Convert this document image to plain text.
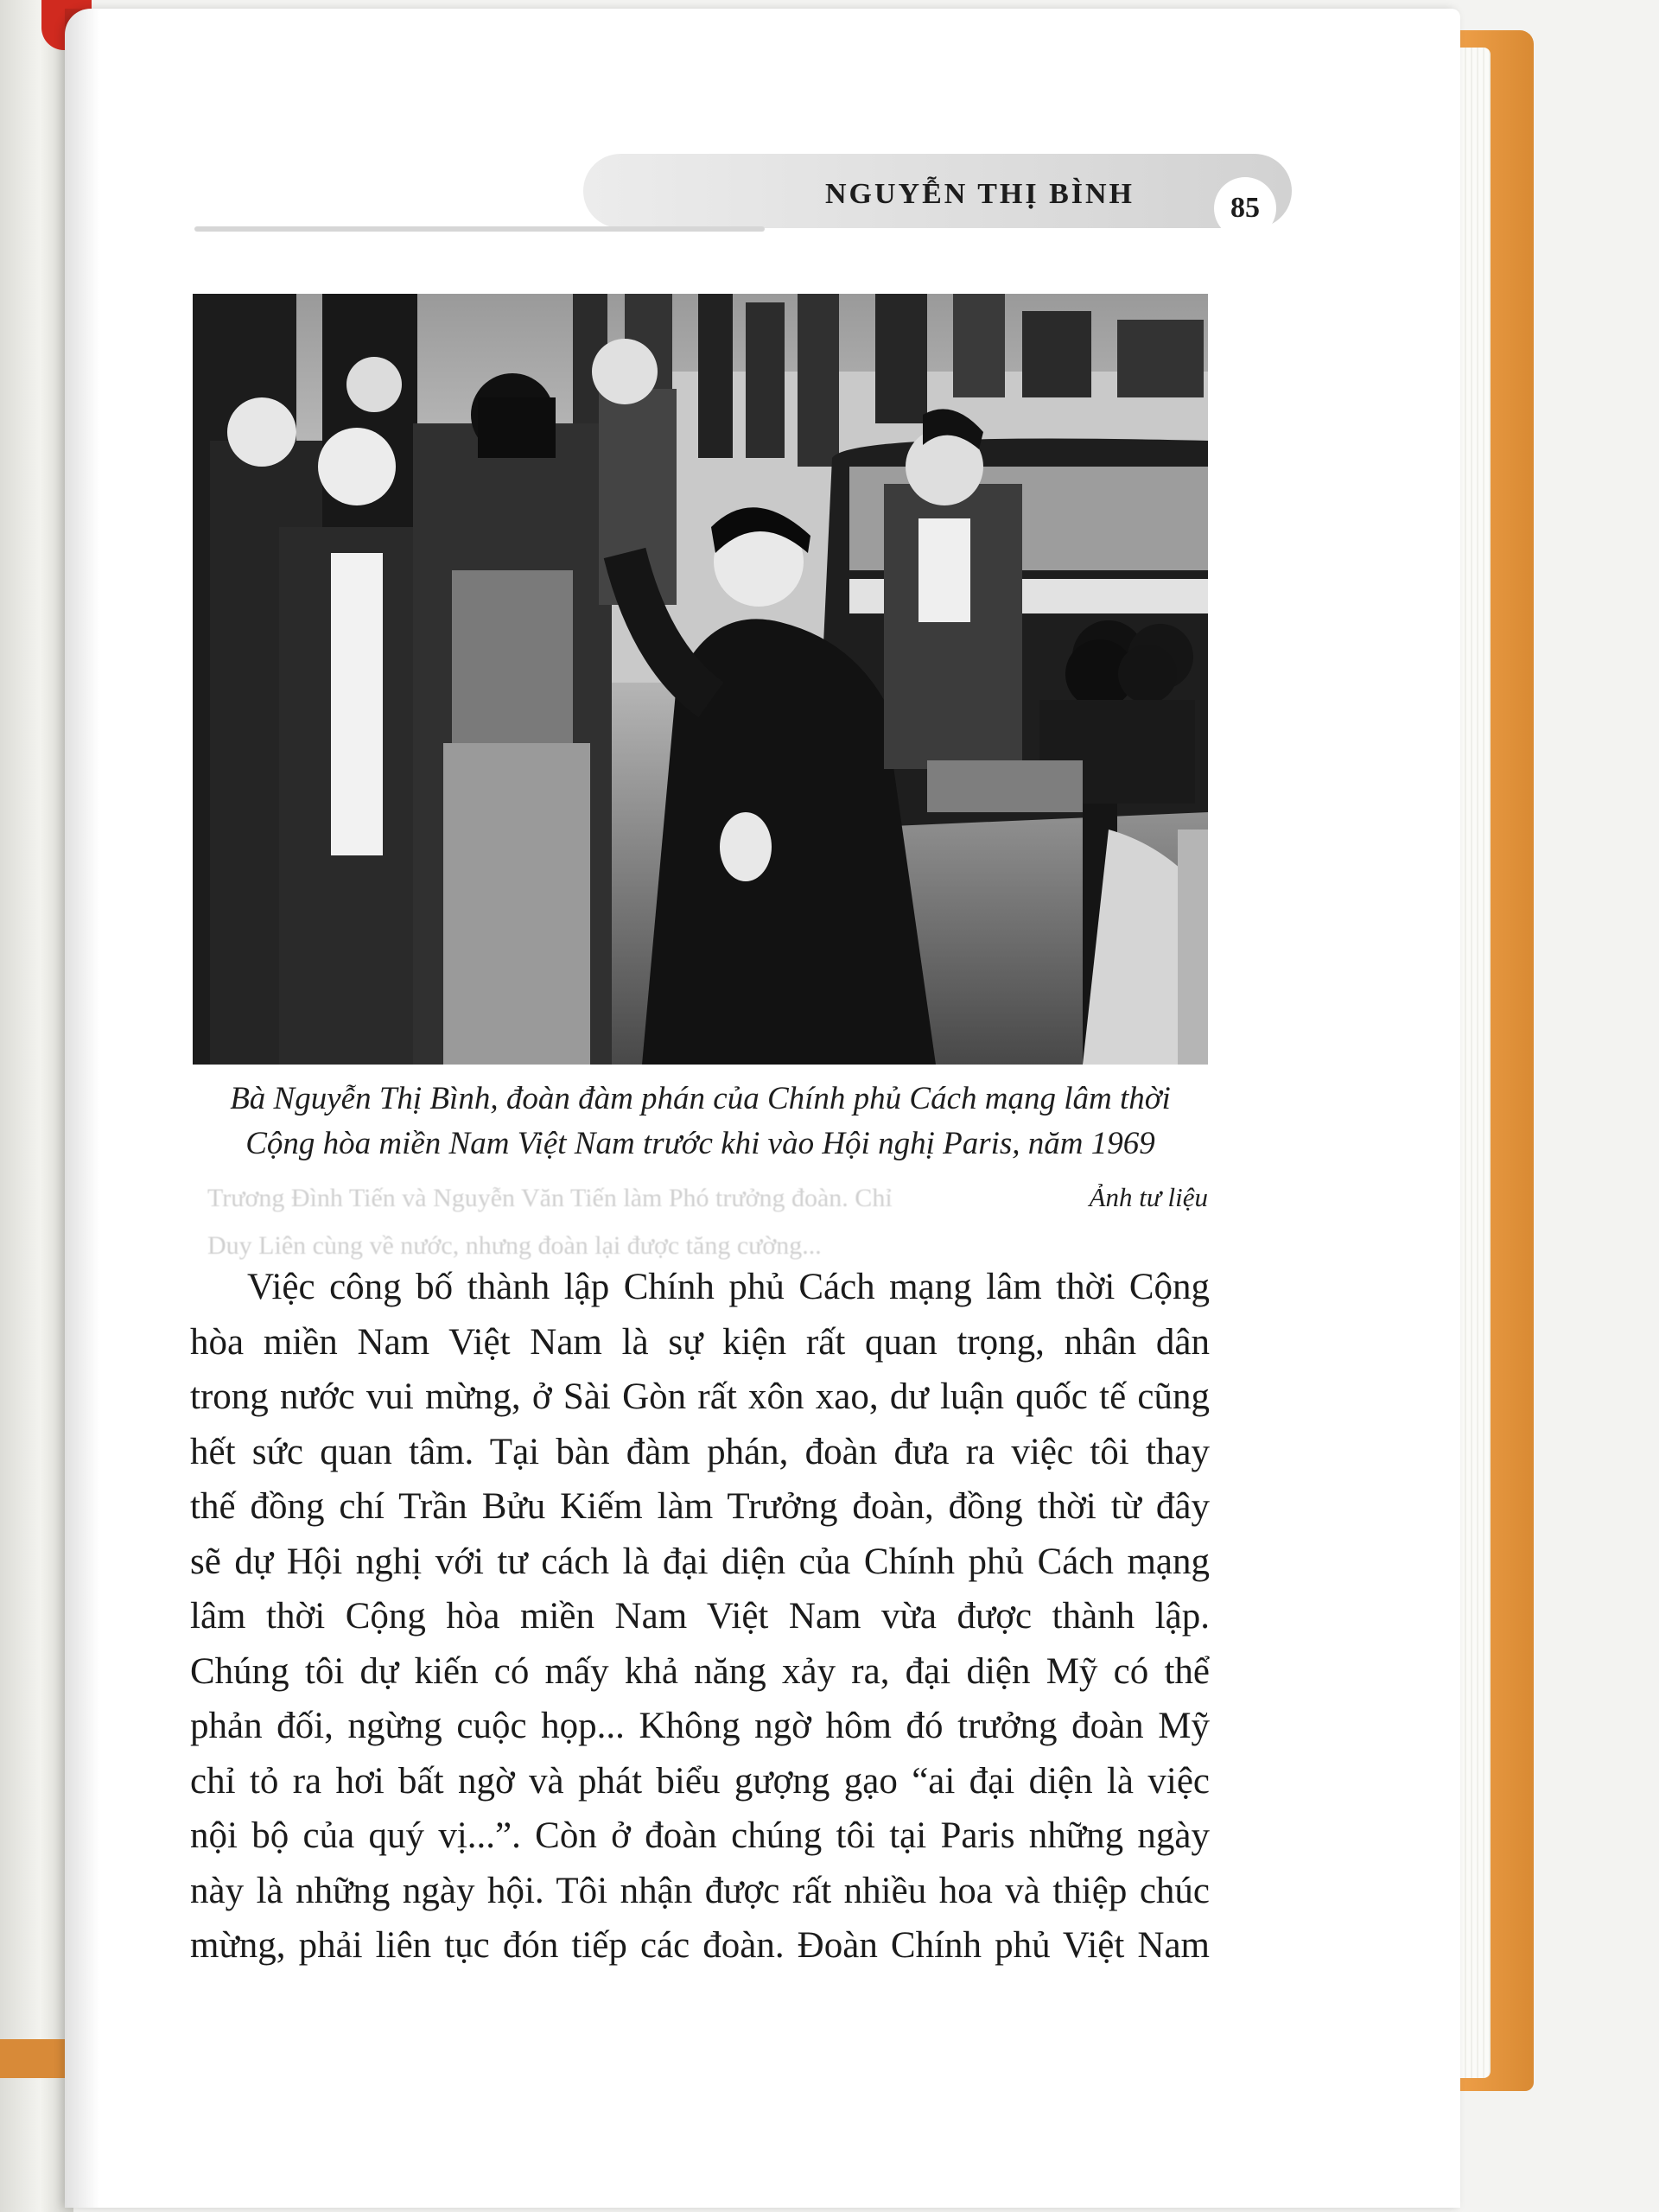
NGUYỄN THỊ BÌNH	85
Trương Đình Tiến và Nguyễn Văn Tiến làm Phó trưởng đoàn. Chỉ
Duy Liên cùng về nước, nhưng đoàn lại được tăng cường...
Bà Nguyễn Thị Bình, đoàn đàm phán của Chính phủ Cách mạng lâm thời
Cộng hòa miền Nam Việt Nam trước khi vào Hội nghị Paris, năm 1969
Ảnh tư liệu
Việc công bố thành lập Chính phủ Cách mạng lâm thời Cộng
hòa miền Nam Việt Nam là sự kiện rất quan trọng, nhân dân
trong nước vui mừng, ở Sài Gòn rất xôn xao, dư luận quốc tế cũng
hết sức quan tâm. Tại bàn đàm phán, đoàn đưa ra việc tôi thay
thế đồng chí Trần Bửu Kiếm làm Trưởng đoàn, đồng thời từ đây
sẽ dự Hội nghị với tư cách là đại diện của Chính phủ Cách mạng
lâm thời Cộng hòa miền Nam Việt Nam vừa được thành lập.
Chúng tôi dự kiến có mấy khả năng xảy ra, đại diện Mỹ có thể
phản đối, ngừng cuộc họp... Không ngờ hôm đó trưởng đoàn Mỹ
chỉ tỏ ra hơi bất ngờ và phát biểu gượng gạo “ai đại diện là việc
nội bộ của quý vị...”. Còn ở đoàn chúng tôi tại Paris những ngày
này là những ngày hội. Tôi nhận được rất nhiều hoa và thiệp chúc
mừng, phải liên tục đón tiếp các đoàn. Đoàn Chính phủ Việt Nam
